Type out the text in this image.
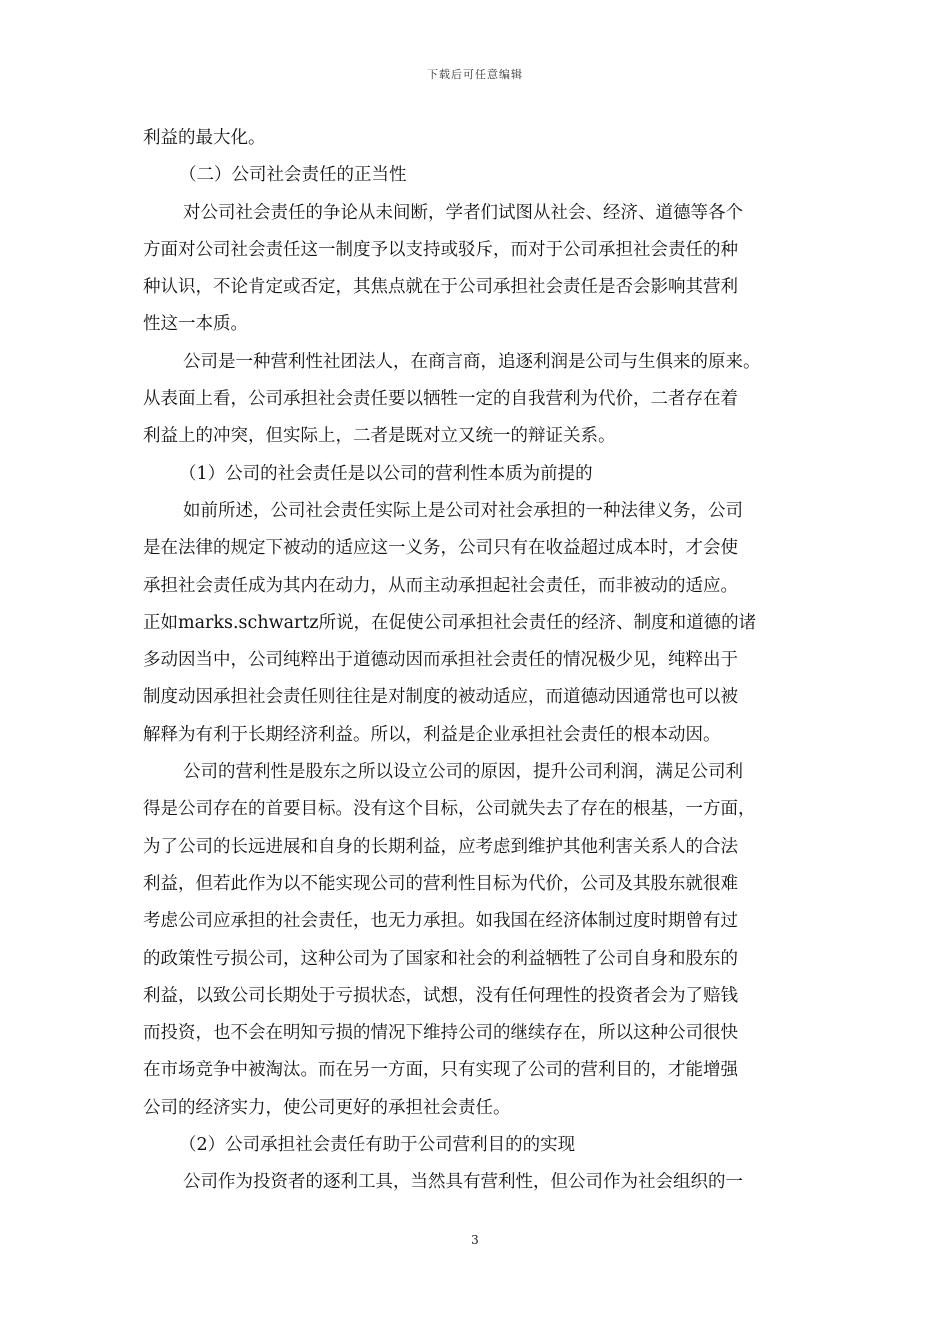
下载后可任意编辑
利益的最大化。
（二）公司社会责任的正当性
对公司社会责任的争论从未间断，学者们试图从社会、经济、道德等各个
方面对公司社会责任这一制度予以支持或驳斥，而对于公司承担社会责任的种
种认识，不论肯定或否定，其焦点就在于公司承担社会责任是否会影响其营利
性这一本质。
公司是一种营利性社团法人，在商言商，追逐利润是公司与生俱来的原来。
从表面上看，公司承担社会责任要以牺牲一定的自我营利为代价，二者存在着
利益上的冲突，但实际上，二者是既对立又统一的辩证关系。
（1）公司的社会责任是以公司的营利性本质为前提的
如前所述，公司社会责任实际上是公司对社会承担的一种法律义务，公司
是在法律的规定下被动的适应这一义务，公司只有在收益超过成本时，才会使
承担社会责任成为其内在动力，从而主动承担起社会责任，而非被动的适应。
正如marks.schwartz所说，在促使公司承担社会责任的经济、制度和道德的诸
多动因当中，公司纯粹出于道德动因而承担社会责任的情况极少见，纯粹出于
制度动因承担社会责任则往往是对制度的被动适应，而道德动因通常也可以被
解释为有利于长期经济利益。所以，利益是企业承担社会责任的根本动因。
公司的营利性是股东之所以设立公司的原因，提升公司利润，满足公司利
得是公司存在的首要目标。没有这个目标，公司就失去了存在的根基，一方面，
为了公司的长远进展和自身的长期利益，应考虑到维护其他利害关系人的合法
利益，但若此作为以不能实现公司的营利性目标为代价，公司及其股东就很难
考虑公司应承担的社会责任，也无力承担。如我国在经济体制过度时期曾有过
的政策性亏损公司，这种公司为了国家和社会的利益牺牲了公司自身和股东的
利益，以致公司长期处于亏损状态，试想，没有任何理性的投资者会为了赔钱
而投资，也不会在明知亏损的情况下维持公司的继续存在，所以这种公司很快
在市场竞争中被淘汰。而在另一方面，只有实现了公司的营利目的，才能增强
公司的经济实力，使公司更好的承担社会责任。
（2）公司承担社会责任有助于公司营利目的的实现
公司作为投资者的逐利工具，当然具有营利性，但公司作为社会组织的一
3
